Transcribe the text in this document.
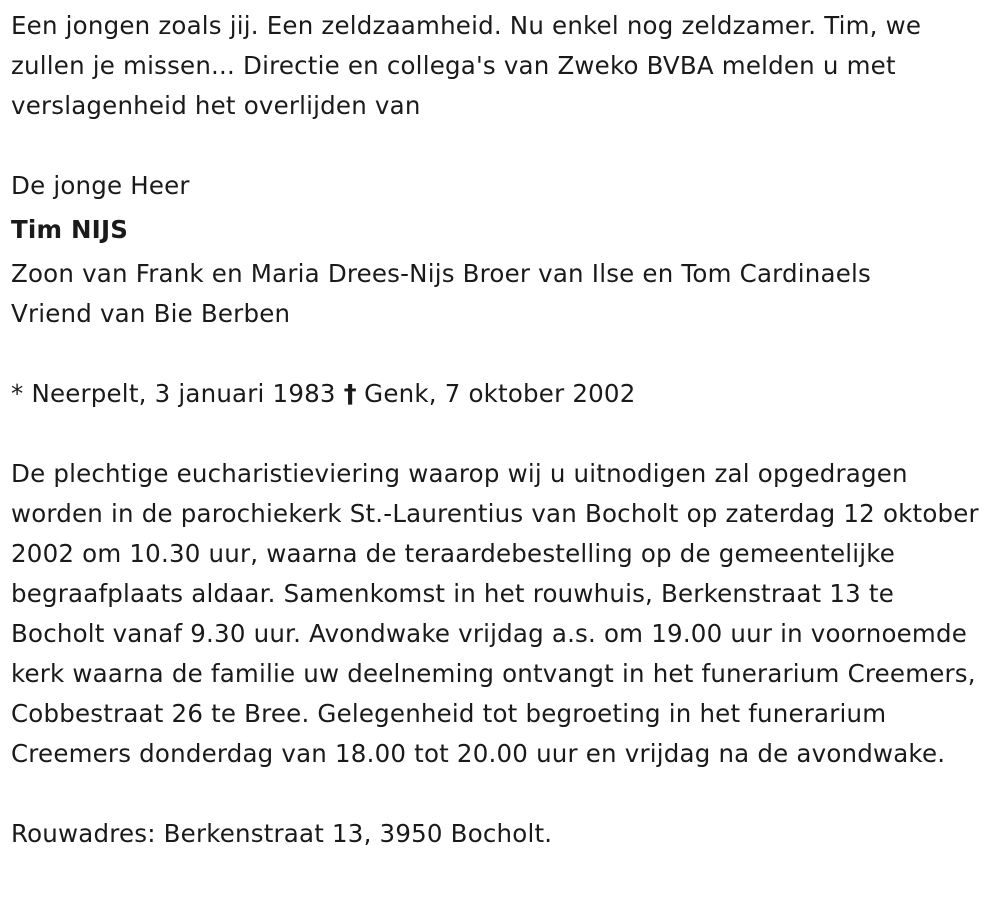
Een jongen zoals jij. Een zeldzaamheid. Nu enkel nog zeldzamer. Tim, we zullen je missen... Directie en collega's van Zweko BVBA melden u met verslagenheid het overlijden van

De jonge Heer

Tim NIJS

Zoon van Frank en Maria Drees-Nijs Broer van Ilse en Tom Cardinaels

Vriend van Bie Berben

* Neerpelt, 3 januari 1983 † Genk, 7 oktober 2002

De plechtige eucharistieviering waarop wij u uitnodigen zal opgedragen worden in de parochiekerk St.-Laurentius van Bocholt op zaterdag 12 oktober 2002 om 10.30 uur, waarna de teraardebestelling op de gemeentelijke begraafplaats aldaar. Samenkomst in het rouwhuis, Berkenstraat 13 te Bocholt vanaf 9.30 uur. Avondwake vrijdag a.s. om 19.00 uur in voornoemde kerk waarna de familie uw deelneming ontvangt in het funerarium Creemers, Cobbestraat 26 te Bree. Gelegenheid tot begroeting in het funerarium Creemers donderdag van 18.00 tot 20.00 uur en vrijdag na de avondwake.

Rouwadres: Berkenstraat 13, 3950 Bocholt.
